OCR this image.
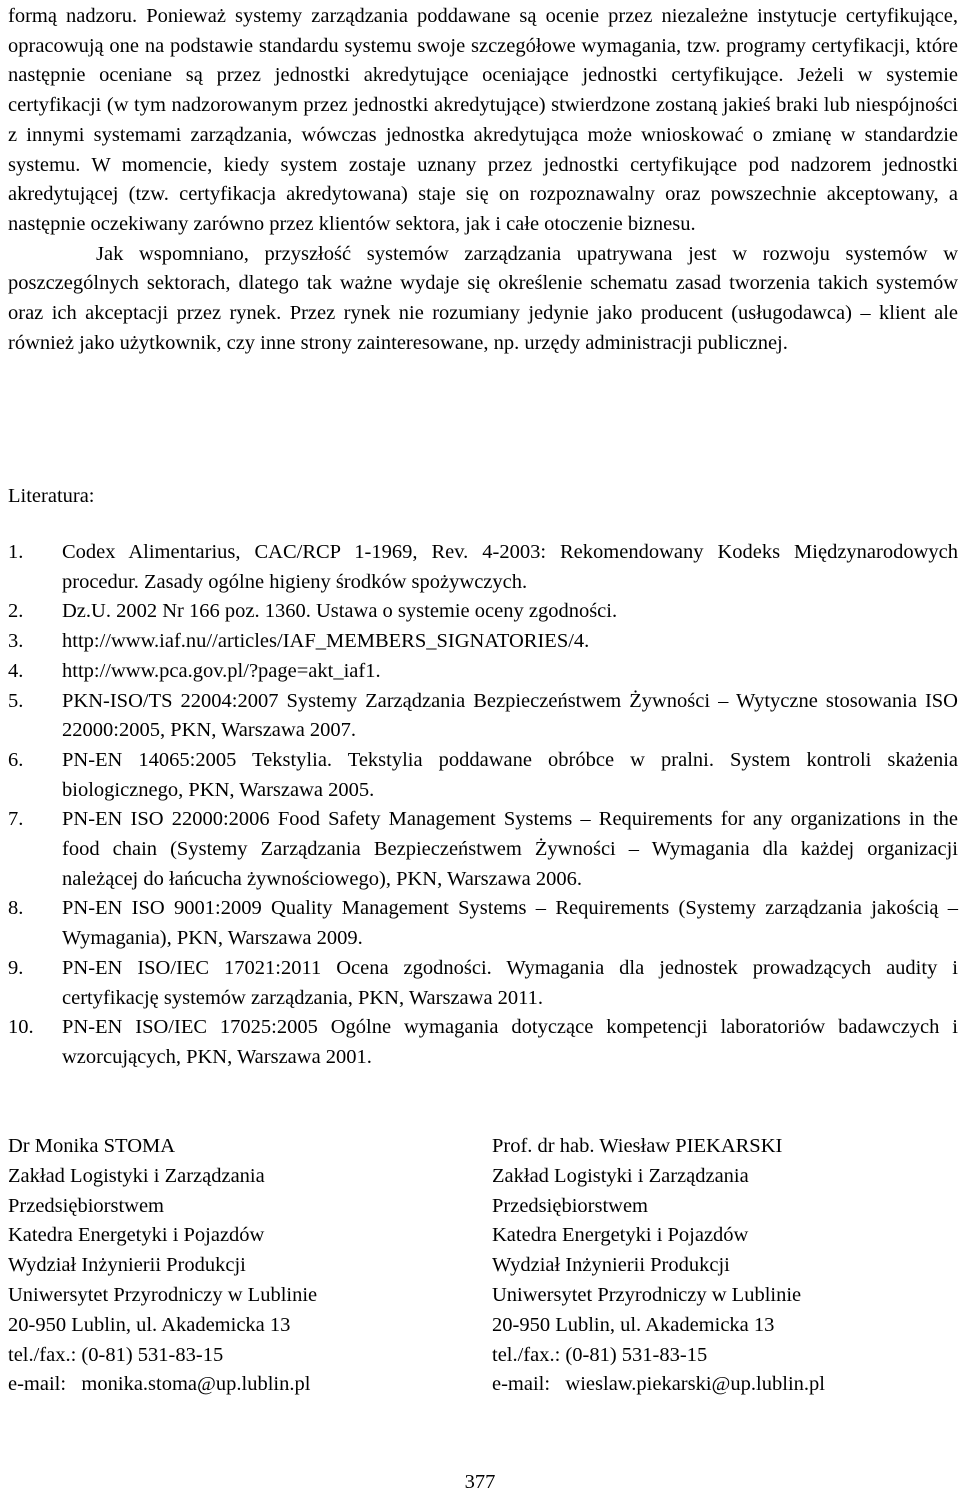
formą nadzoru. Ponieważ systemy zarządzania poddawane są ocenie przez niezależne instytucje certyfikujące, opracowują one na podstawie standardu systemu swoje szczegółowe wymagania, tzw. programy certyfikacji, które następnie oceniane są przez jednostki akredytujące oceniające jednostki certyfikujące. Jeżeli w systemie certyfikacji (w tym nadzorowanym przez jednostki akredytujące) stwierdzone zostaną jakieś braki lub niespójności z innymi systemami zarządzania, wówczas jednostka akredytująca może wnioskować o zmianę w standardzie systemu. W momencie, kiedy system zostaje uznany przez jednostki certyfikujące pod nadzorem jednostki akredytującej (tzw. certyfikacja akredytowana) staje się on rozpoznawalny oraz powszechnie akceptowany, a następnie oczekiwany zarówno przez klientów sektora, jak i całe otoczenie biznesu.

Jak wspomniano, przyszłość systemów zarządzania upatrywana jest w rozwoju systemów w poszczególnych sektorach, dlatego tak ważne wydaje się określenie schematu zasad tworzenia takich systemów oraz ich akceptacji przez rynek. Przez rynek nie rozumiany jedynie jako producent (usługodawca) – klient ale również jako użytkownik, czy inne strony zainteresowane, np. urzędy administracji publicznej.

Literatura:
1. Codex Alimentarius, CAC/RCP 1-1969, Rev. 4-2003: Rekomendowany Kodeks Międzynarodowych procedur. Zasady ogólne higieny środków spożywczych.
2. Dz.U. 2002 Nr 166 poz. 1360. Ustawa o systemie oceny zgodności.
3. http://www.iaf.nu//articles/IAF_MEMBERS_SIGNATORIES/4.
4. http://www.pca.gov.pl/?page=akt_iaf1.
5. PKN-ISO/TS 22004:2007 Systemy Zarządzania Bezpieczeństwem Żywności – Wytyczne stosowania ISO 22000:2005, PKN, Warszawa 2007.
6. PN-EN 14065:2005 Tekstylia. Tekstylia poddawane obróbce w pralni. System kontroli skażenia biologicznego, PKN, Warszawa 2005.
7. PN-EN ISO 22000:2006 Food Safety Management Systems – Requirements for any organizations in the food chain (Systemy Zarządzania Bezpieczeństwem Żywności – Wymagania dla każdej organizacji należącej do łańcucha żywnościowego), PKN, Warszawa 2006.
8. PN-EN ISO 9001:2009 Quality Management Systems – Requirements (Systemy zarządzania jakością – Wymagania), PKN, Warszawa 2009.
9. PN-EN ISO/IEC 17021:2011 Ocena zgodności. Wymagania dla jednostek prowadzących audity i certyfikację systemów zarządzania, PKN, Warszawa 2011.
10. PN-EN ISO/IEC 17025:2005 Ogólne wymagania dotyczące kompetencji laboratoriów badawczych i wzorcujących, PKN, Warszawa 2001.
Dr Monika STOMA
Zakład Logistyki i Zarządzania
Przedsiębiorstwem
Katedra Energetyki i Pojazdów
Wydział Inżynierii Produkcji
Uniwersytet Przyrodniczy w Lublinie
20-950 Lublin, ul. Akademicka 13
tel./fax.: (0-81) 531-83-15
e-mail:   monika.stoma@up.lublin.pl
Prof. dr hab. Wiesław PIEKARSKI
Zakład Logistyki i Zarządzania
Przedsiębiorstwem
Katedra Energetyki i Pojazdów
Wydział Inżynierii Produkcji
Uniwersytet Przyrodniczy w Lublinie
20-950 Lublin, ul. Akademicka 13
tel./fax.: (0-81) 531-83-15
e-mail:   wieslaw.piekarski@up.lublin.pl
377
